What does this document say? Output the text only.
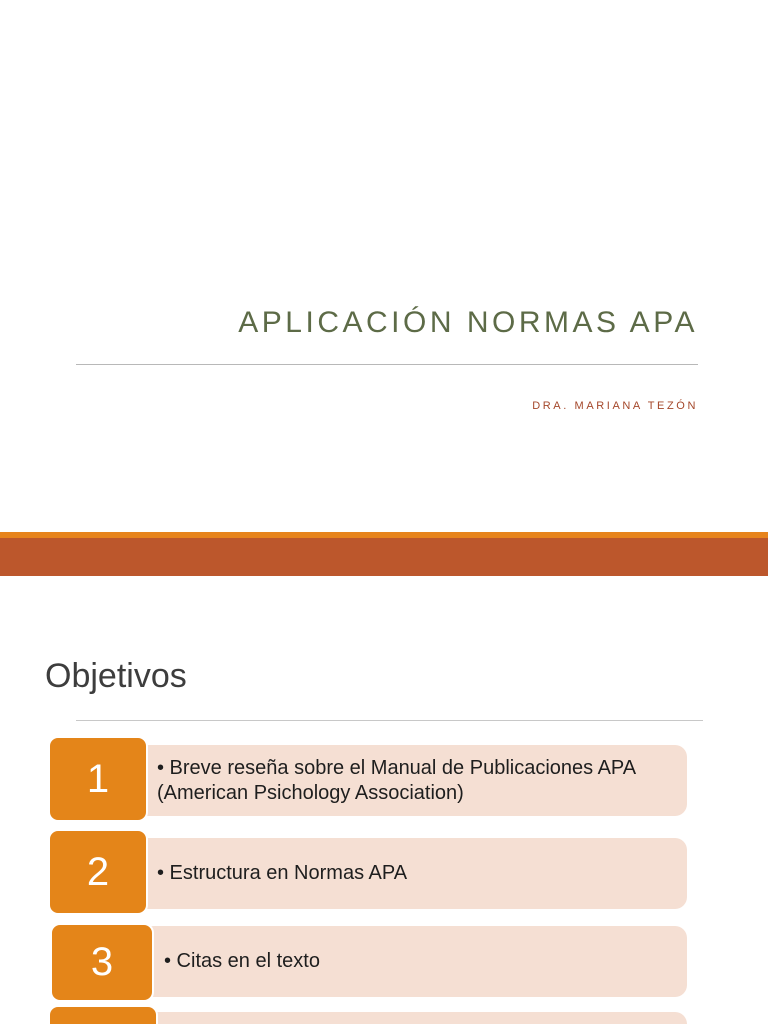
APLICACIÓN NORMAS APA
DRA. MARIANA TEZÓN
Objetivos
• Breve reseña sobre el Manual de Publicaciones APA (American Psichology Association)
1
• Estructura en Normas APA
2
• Citas en el texto
3
